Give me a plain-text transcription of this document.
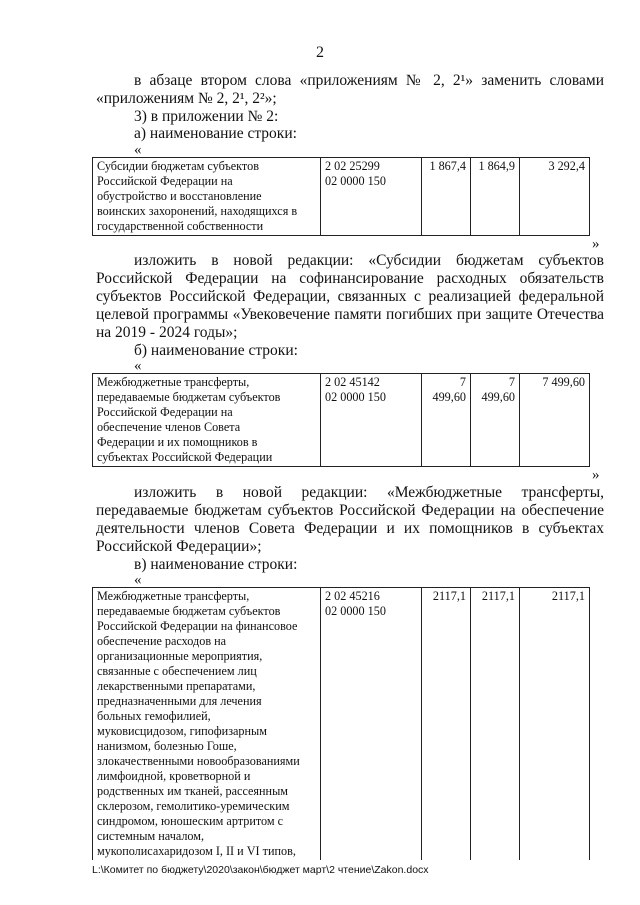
2
в абзаце втором слова «приложениям № 2, 2¹» заменить словами
«приложениям № 2, 2¹, 2²»;
3) в приложении № 2:
а) наименование строки:
«
Субсидии бюджетам субъектов
Российской Федерации на
обустройство и восстановление
воинских захоронений, находящихся в
государственной собственности

2 02 25299
02 0000 150
	1 867,4	1 864,9	3 292,4
»
изложить в новой редакции: «Субсидии бюджетам субъектов
Российской Федерации на софинансирование расходных обязательств
субъектов Российской Федерации, связанных с реализацией федеральной
целевой программы «Увековечение памяти погибших при защите Отечества
на 2019 - 2024 годы»;
б) наименование строки:
«
Межбюджетные трансферты,
передаваемые бюджетам субъектов
Российской Федерации на
обеспечение членов Совета
Федерации и их помощников в
субъектах Российской Федерации

2 02 45142
02 0000 150
	7 499,60	7 499,60	7 499,60
»
изложить в новой редакции: «Межбюджетные трансферты,
передаваемые бюджетам субъектов Российской Федерации на обеспечение
деятельности членов Совета Федерации и их помощников в субъектах
Российской Федерации»;
в) наименование строки:
«
Межбюджетные трансферты,
передаваемые бюджетам субъектов
Российской Федерации на финансовое
обеспечение расходов на
организационные мероприятия,
связанные с обеспечением лиц
лекарственными препаратами,
предназначенными для лечения
больных гемофилией,
муковисцидозом, гипофизарным
нанизмом, болезнью Гоше,
злокачественными новообразованиями
лимфоидной, кроветворной и
родственных им тканей, рассеянным
склерозом, гемолитико-уремическим
синдромом, юношеским артритом с
системным началом,
мукополисахаридозом I, II и VI типов,

2 02 45216
02 0000 150
	2117,1	2117,1	2117,1
L:\Комитет по бюджету\2020\закон\бюджет март\2 чтение\Zakon.docx
